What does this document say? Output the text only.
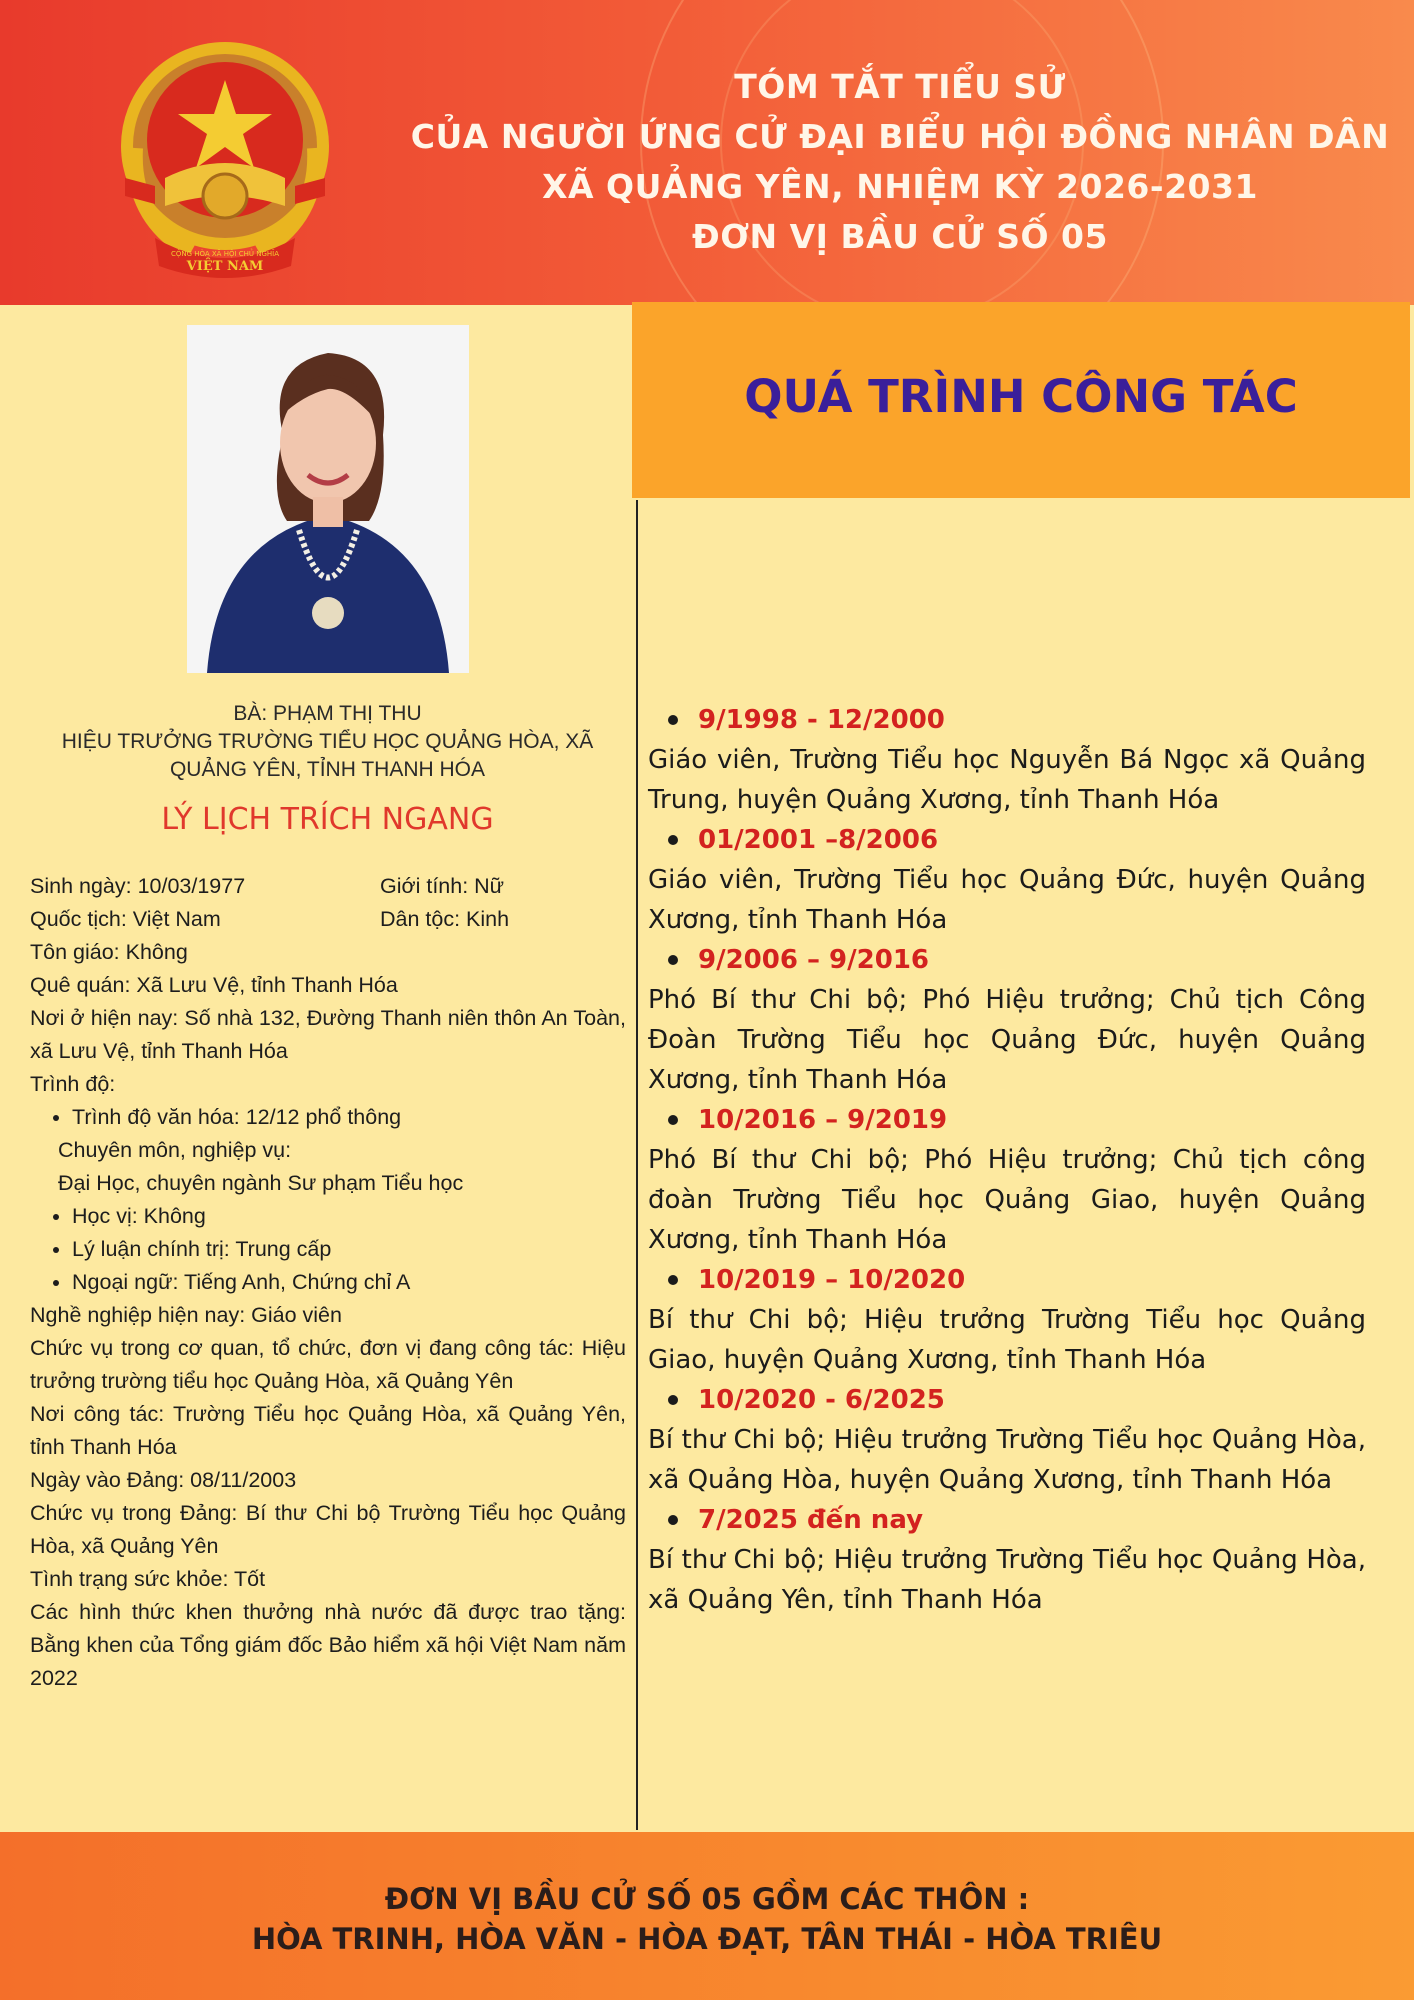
CỘNG HÒA XÃ HỘI CHỦ NGHĨA
VIỆT NAM
TÓM TẮT TIỂU SỬ
CỦA NGƯỜI ỨNG CỬ ĐẠI BIỂU HỘI ĐỒNG NHÂN DÂN
XÃ QUẢNG YÊN, NHIỆM KỲ 2026-2031
ĐƠN VỊ BẦU CỬ SỐ 05
QUÁ TRÌNH CÔNG TÁC
BÀ: PHẠM THỊ THU
HIỆU TRƯỞNG TRƯỜNG TIỂU HỌC QUẢNG HÒA, XÃ
QUẢNG YÊN, TỈNH THANH HÓA
LÝ LỊCH TRÍCH NGANG
Sinh ngày: 10/03/1977	Giới tính: Nữ
Quốc tịch: Việt Nam	Dân tộc: Kinh
Tôn giáo: Không
Quê quán: Xã Lưu Vệ, tỉnh Thanh Hóa
Nơi ở hiện nay: Số nhà 132, Đường Thanh niên thôn An Toàn, xã Lưu Vệ, tỉnh Thanh Hóa
Trình độ:
• Trình độ văn hóa: 12/12 phổ thông
Chuyên môn, nghiệp vụ:
Đại Học, chuyên ngành Sư phạm Tiểu học
• Học vị: Không
• Lý luận chính trị: Trung cấp
• Ngoại ngữ: Tiếng Anh, Chứng chỉ A
Nghề nghiệp hiện nay: Giáo viên
Chức vụ trong cơ quan, tổ chức, đơn vị đang công tác: Hiệu trưởng trường tiểu học Quảng Hòa, xã Quảng Yên
Nơi công tác: Trường Tiểu học Quảng Hòa, xã Quảng Yên, tỉnh Thanh Hóa
Ngày vào Đảng: 08/11/2003
Chức vụ trong Đảng: Bí thư Chi bộ Trường Tiểu học Quảng Hòa, xã Quảng Yên
Tình trạng sức khỏe: Tốt
Các hình thức khen thưởng nhà nước đã được trao tặng: Bằng khen của Tổng giám đốc Bảo hiểm xã hội Việt Nam năm 2022
9/1998 - 12/2000
Giáo viên, Trường Tiểu học Nguyễn Bá Ngọc xã Quảng Trung, huyện Quảng Xương, tỉnh Thanh Hóa
01/2001 –8/2006
Giáo viên, Trường Tiểu học Quảng Đức, huyện Quảng Xương, tỉnh Thanh Hóa
9/2006 – 9/2016
Phó Bí thư Chi bộ; Phó Hiệu trưởng; Chủ tịch Công Đoàn Trường Tiểu học Quảng Đức, huyện Quảng Xương, tỉnh Thanh Hóa
10/2016 – 9/2019
Phó Bí thư Chi bộ; Phó Hiệu trưởng; Chủ tịch công đoàn Trường Tiểu học Quảng Giao, huyện Quảng Xương, tỉnh Thanh Hóa
10/2019 – 10/2020
Bí thư Chi bộ; Hiệu trưởng Trường Tiểu học Quảng Giao, huyện Quảng Xương, tỉnh Thanh Hóa
10/2020 - 6/2025
Bí thư Chi bộ; Hiệu trưởng Trường Tiểu học Quảng Hòa, xã Quảng Hòa, huyện Quảng Xương, tỉnh Thanh Hóa
7/2025 đến nay
Bí thư Chi bộ; Hiệu trưởng Trường Tiểu học Quảng Hòa, xã Quảng Yên, tỉnh Thanh Hóa
ĐƠN VỊ BẦU CỬ SỐ 05 GỒM CÁC THÔN :
HÒA TRINH, HÒA VĂN - HÒA ĐẠT, TÂN THÁI - HÒA TRIÊU
